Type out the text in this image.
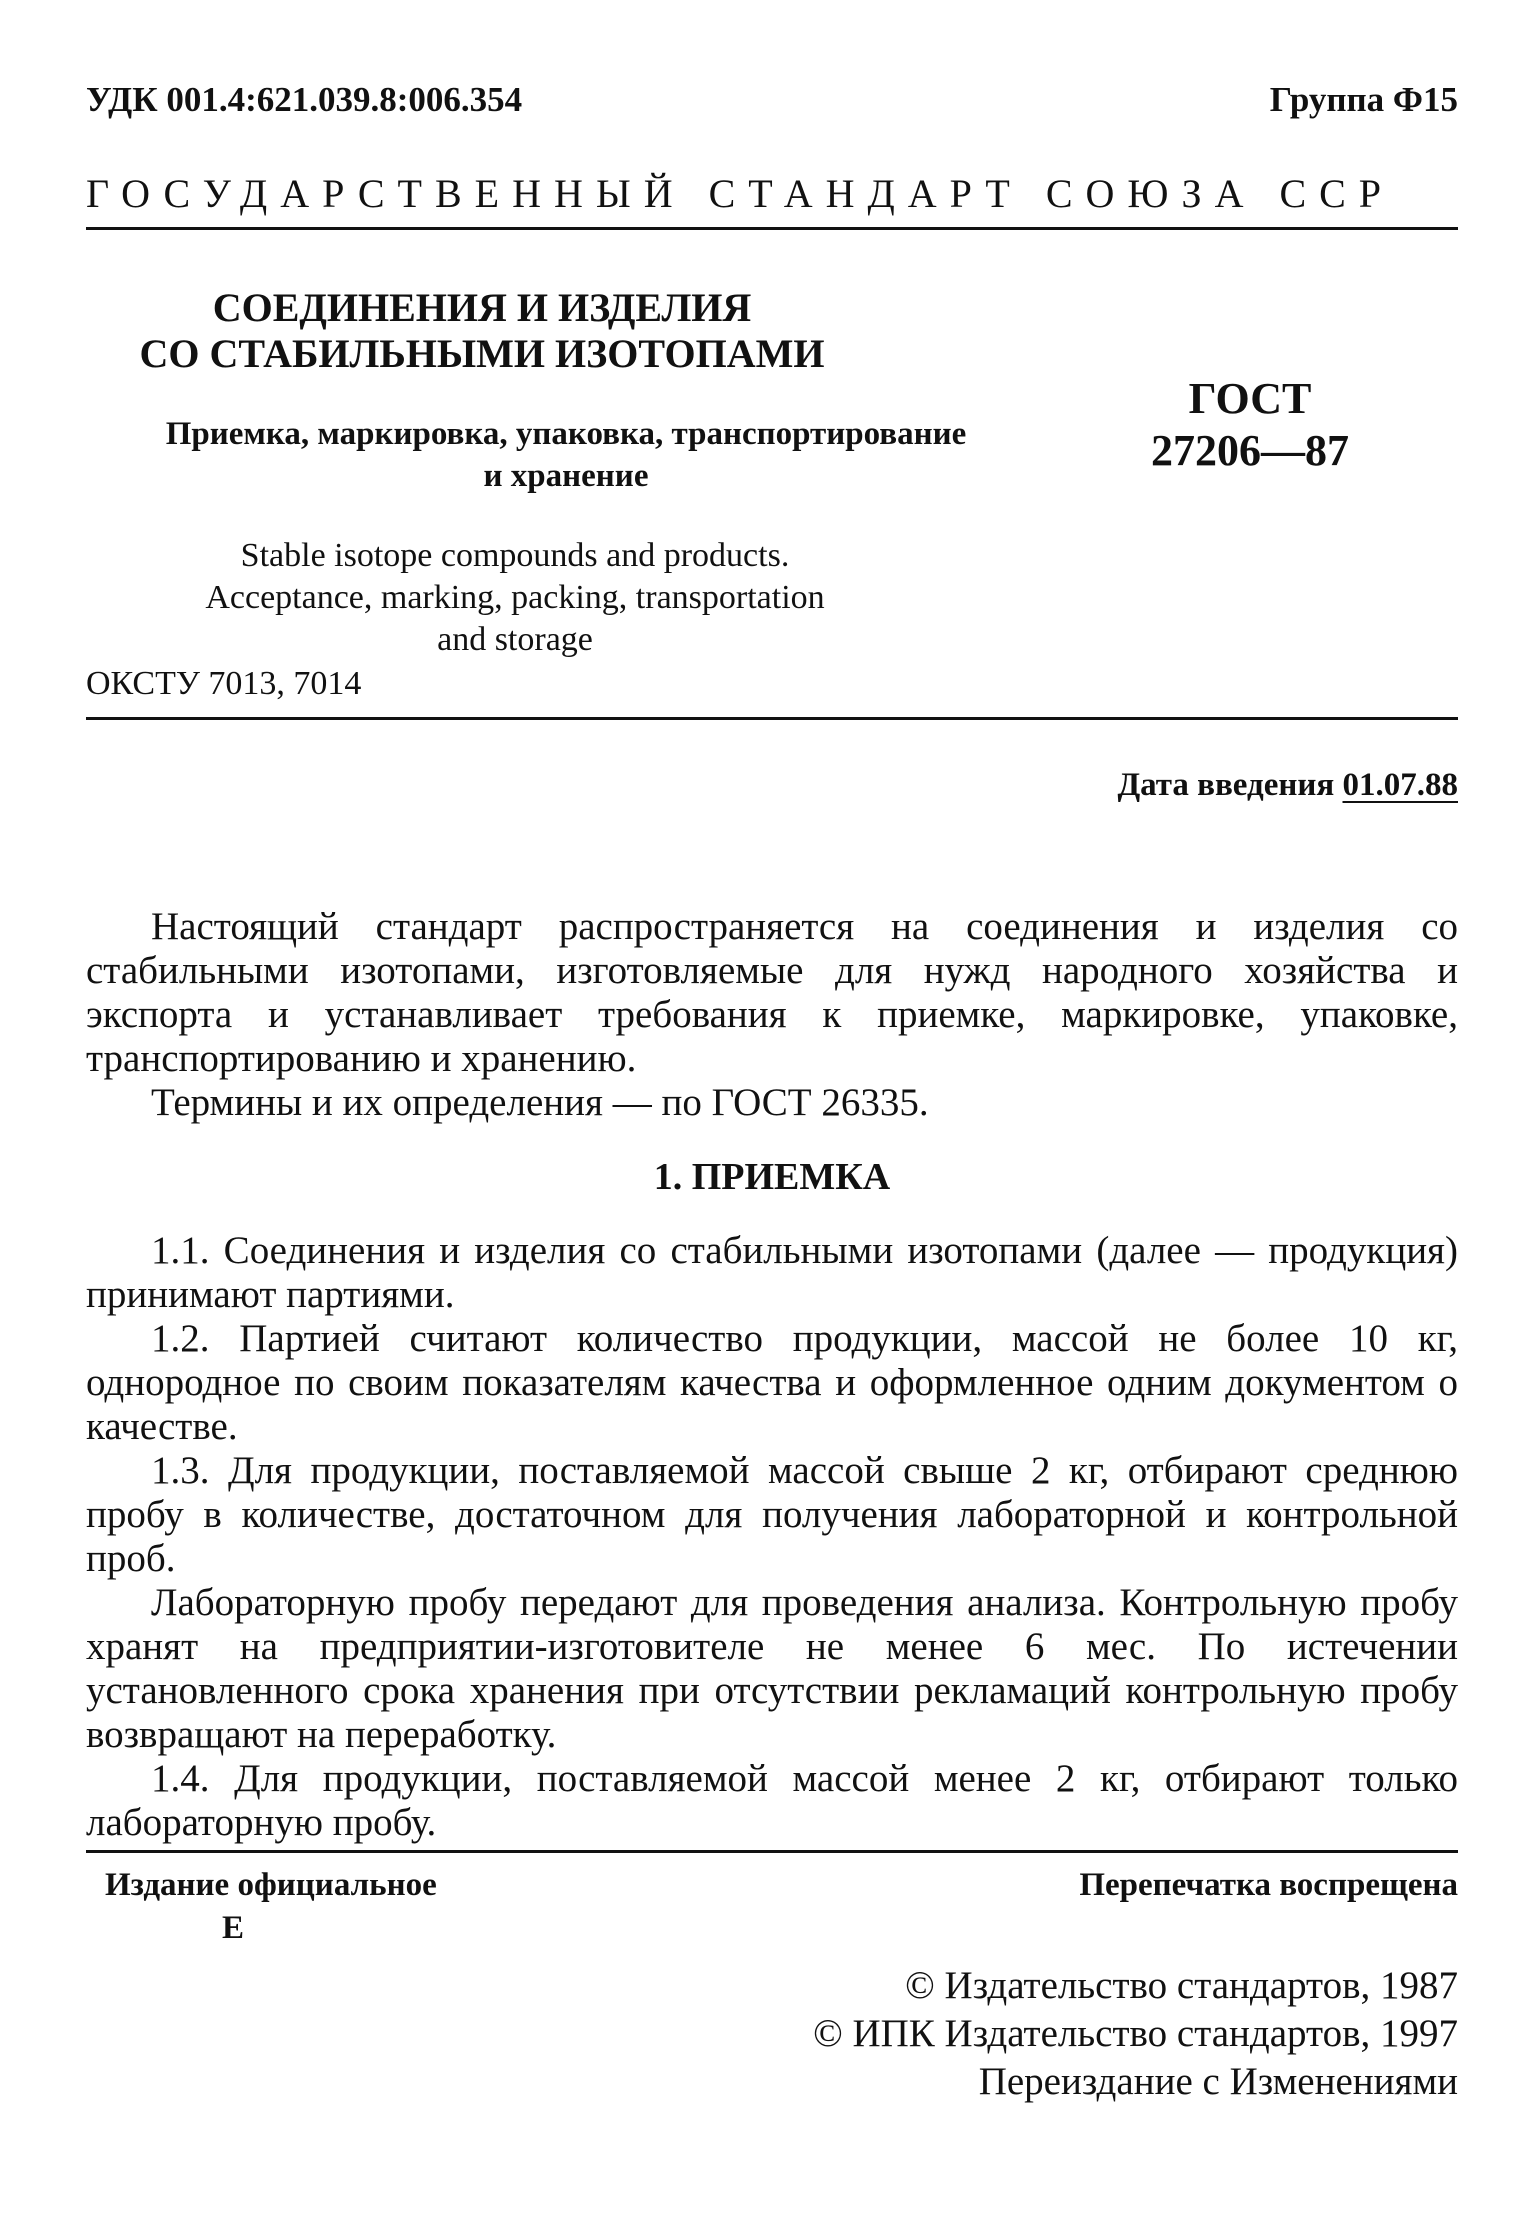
УДК 001.4:621.039.8:006.354	Группа Ф15
ГОСУДАРСТВЕННЫЙ СТАНДАРТ СОЮЗА ССР
СОЕДИНЕНИЯ И ИЗДЕЛИЯ
СО СТАБИЛЬНЫМИ ИЗОТОПАМИ
Приемка, маркировка, упаковка, транспортирование
и хранение
ГОСТ
27206—87
Stable isotope compounds and products.
Acceptance, marking, packing, transportation
and storage
ОКСТУ 7013, 7014
Дата введения 01.07.88

Настоящий стандарт распространяется на соединения и изделия со стабильными изотопами, изготовляемые для нужд народного хозяйства и экспорта и устанавливает требования к приемке, маркировке, упаковке, транспортированию и хранению.

Термины и их определения — по ГОСТ 26335.

1. ПРИЕМКА

1.1. Соединения и изделия со стабильными изотопами (далее — продукция) принимают партиями.

1.2. Партией считают количество продукции, массой не более 10 кг, однородное по своим показателям качества и оформленное одним документом о качестве.

1.3. Для продукции, поставляемой массой свыше 2 кг, отбирают среднюю пробу в количестве, достаточном для получения лабораторной и контрольной проб.

Лабораторную пробу передают для проведения анализа. Контрольную пробу хранят на предприятии-изготовителе не менее 6 мес. По истечении установленного срока хранения при отсутствии рекламаций контрольную пробу возвращают на переработку.

1.4. Для продукции, поставляемой массой менее 2 кг, отбирают только лабораторную пробу.

Издание официальное
Е
Перепечатка воспрещена
© Издательство стандартов, 1987
© ИПК Издательство стандартов, 1997
Переиздание с Изменениями
